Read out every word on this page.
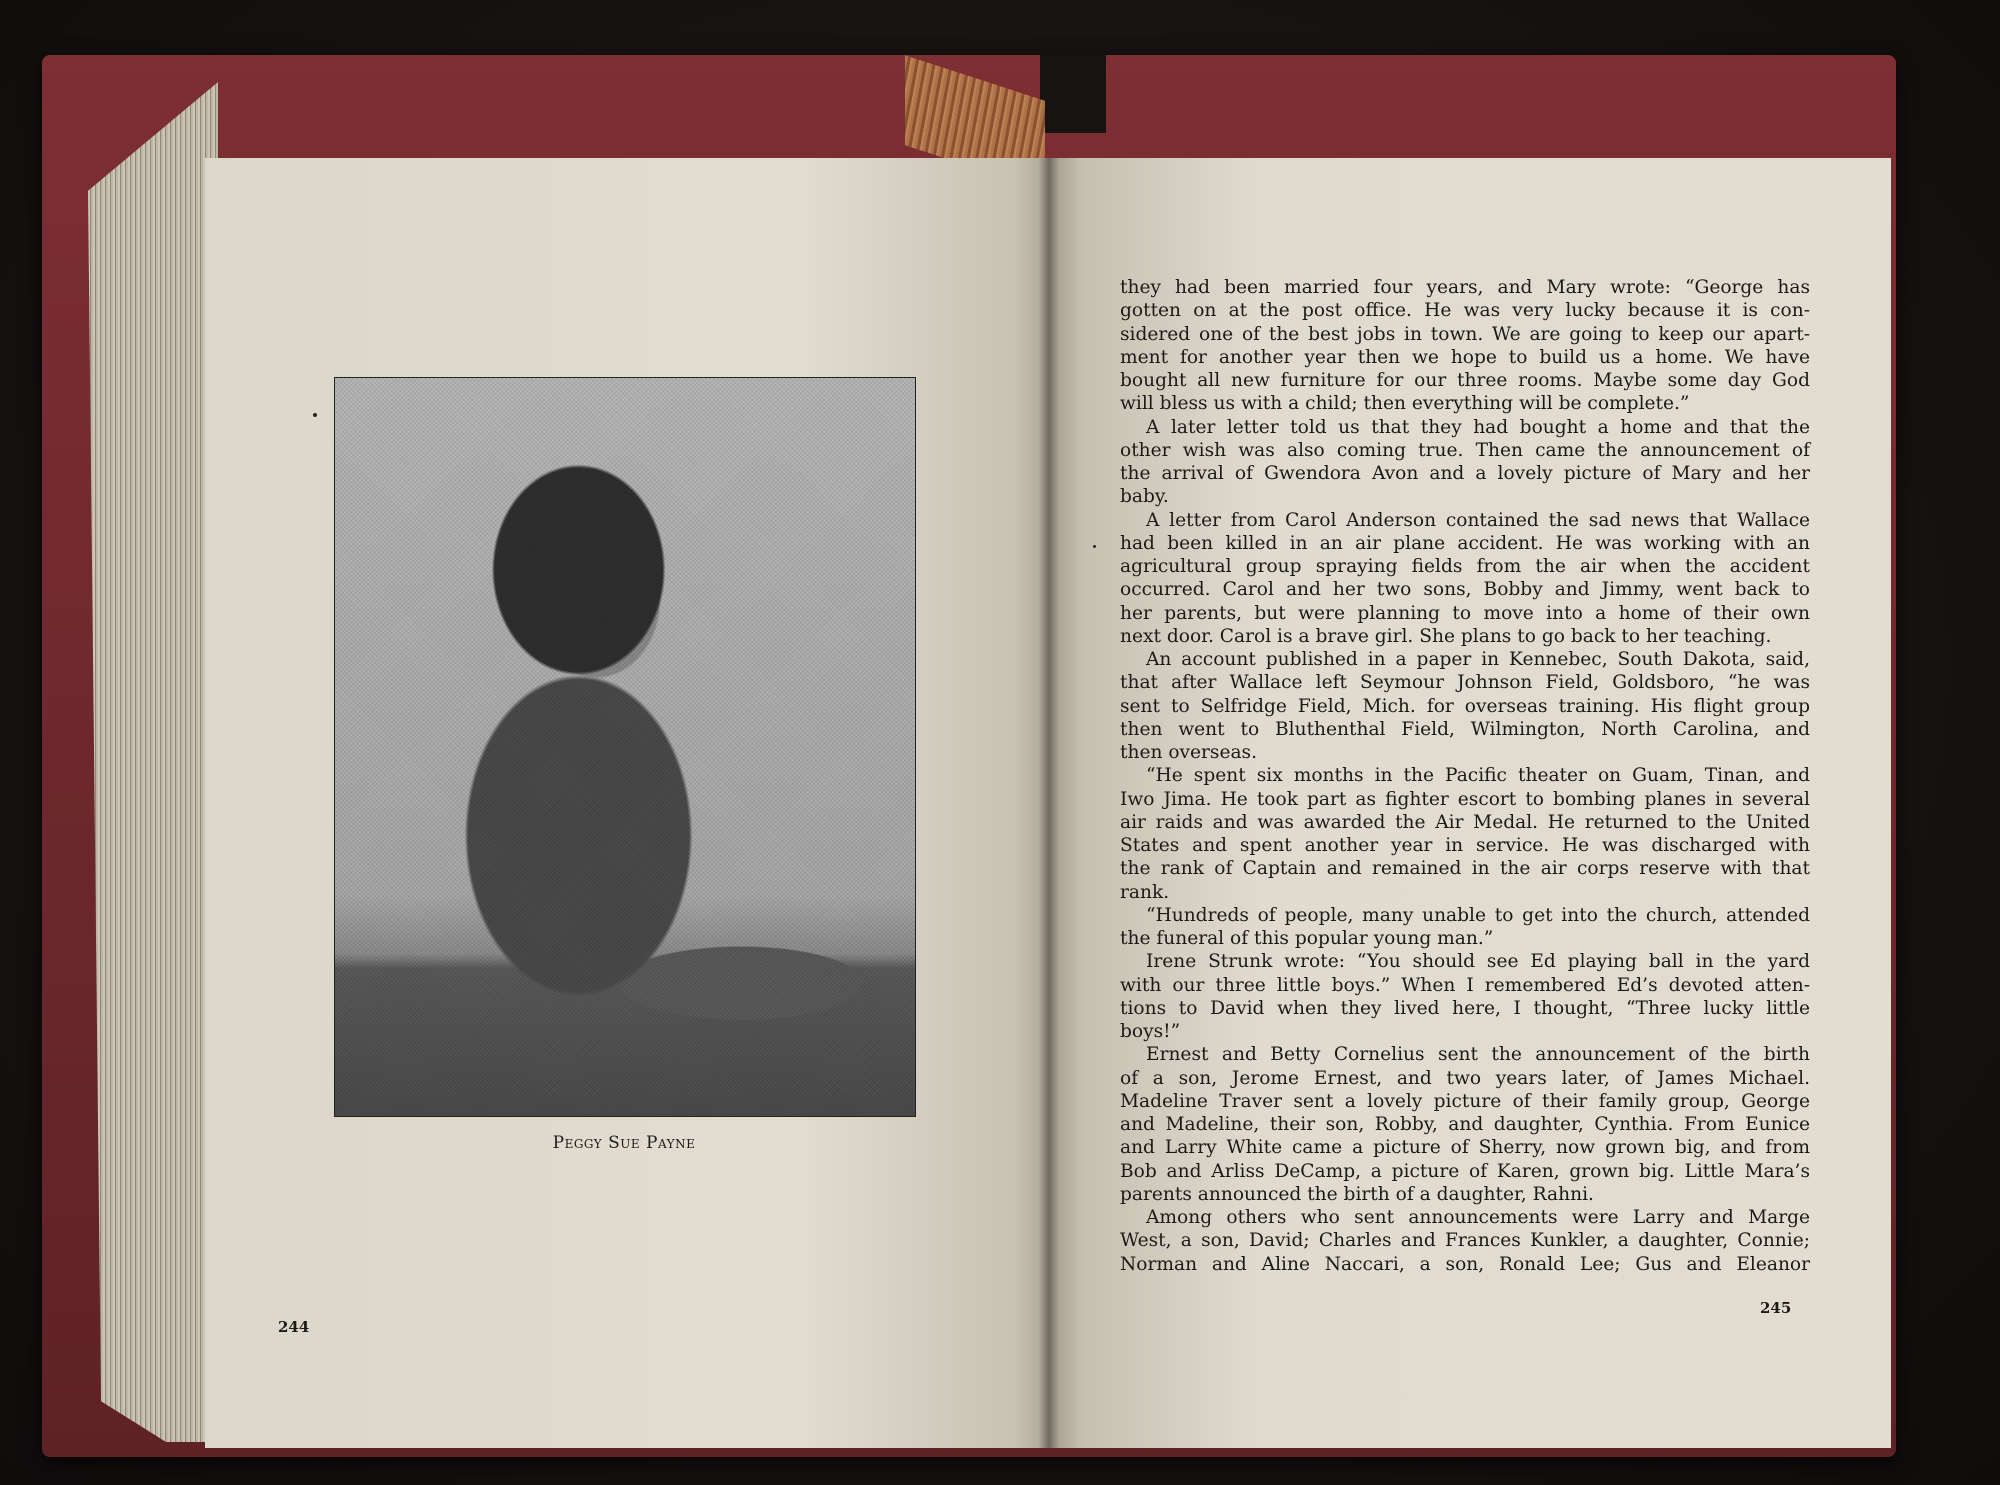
Peggy Sue Payne
244
they had been married four years, and Mary wrote: “George has
gotten on at the post office. He was very lucky because it is con-
sidered one of the best jobs in town. We are going to keep our apart-
ment for another year then we hope to build us a home. We have
bought all new furniture for our three rooms. Maybe some day God
will bless us with a child; then everything will be complete.”
A later letter told us that they had bought a home and that the
other wish was also coming true. Then came the announcement of
the arrival of Gwendora Avon and a lovely picture of Mary and her
baby.
A letter from Carol Anderson contained the sad news that Wallace
had been killed in an air plane accident. He was working with an
agricultural group spraying fields from the air when the accident
occurred. Carol and her two sons, Bobby and Jimmy, went back to
her parents, but were planning to move into a home of their own
next door. Carol is a brave girl. She plans to go back to her teaching.
An account published in a paper in Kennebec, South Dakota, said,
that after Wallace left Seymour Johnson Field, Goldsboro, “he was
sent to Selfridge Field, Mich. for overseas training. His flight group
then went to Bluthenthal Field, Wilmington, North Carolina, and
then overseas.
“He spent six months in the Pacific theater on Guam, Tinan, and
Iwo Jima. He took part as fighter escort to bombing planes in several
air raids and was awarded the Air Medal. He returned to the United
States and spent another year in service. He was discharged with
the rank of Captain and remained in the air corps reserve with that
rank.
“Hundreds of people, many unable to get into the church, attended
the funeral of this popular young man.”
Irene Strunk wrote: “You should see Ed playing ball in the yard
with our three little boys.” When I remembered Ed’s devoted atten-
tions to David when they lived here, I thought, “Three lucky little
boys!”
Ernest and Betty Cornelius sent the announcement of the birth
of a son, Jerome Ernest, and two years later, of James Michael.
Madeline Traver sent a lovely picture of their family group, George
and Madeline, their son, Robby, and daughter, Cynthia. From Eunice
and Larry White came a picture of Sherry, now grown big, and from
Bob and Arliss DeCamp, a picture of Karen, grown big. Little Mara’s
parents announced the birth of a daughter, Rahni.
Among others who sent announcements were Larry and Marge
West, a son, David; Charles and Frances Kunkler, a daughter, Connie;
Norman and Aline Naccari, a son, Ronald Lee; Gus and Eleanor
245
